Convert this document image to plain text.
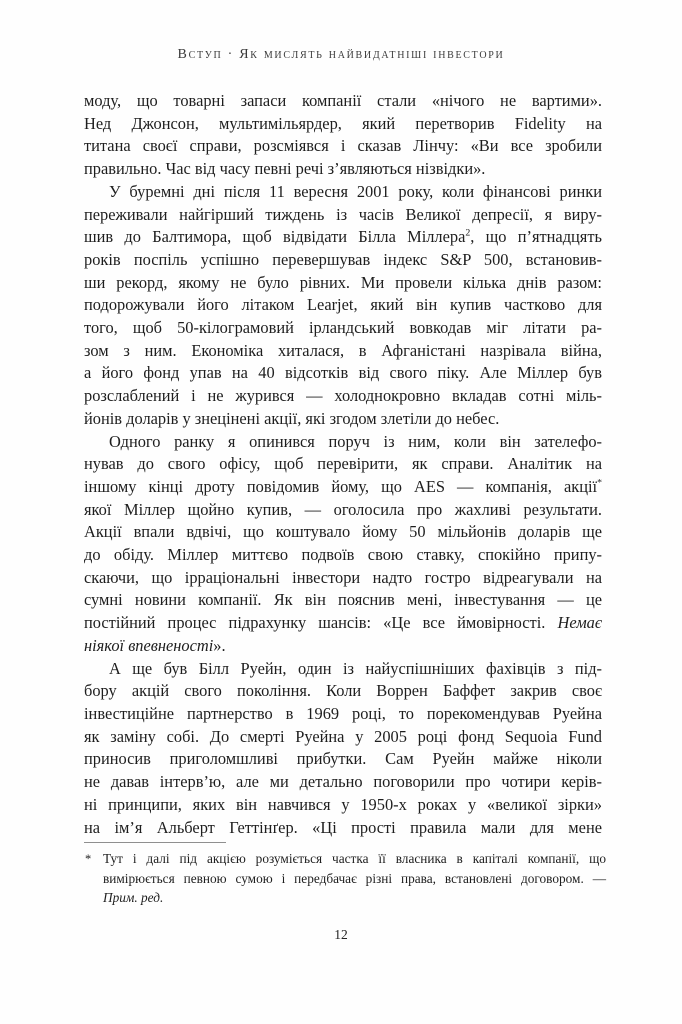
Вступ · Як мислять найвидатніші інвестори
моду, що товарні запаси компанії стали «нічого не вартими».
Нед Джонсон, мультимільярдер, який перетворив Fidelity на
титана своєї справи, розсміявся і сказав Лінчу: «Ви все зробили
правильно. Час від часу певні речі з’являються нізвідки».
У буремні дні після 11 вересня 2001 року, коли фінансові ринки
переживали найгірший тиждень із часів Великої депресії, я виру-
шив до Балтимора, щоб відвідати Білла Міллера$^2$, що п’ятнадцять
років поспіль успішно перевершував індекс S&P 500, встановив-
ши рекорд, якому не було рівних. Ми провели кілька днів разом:
подорожували його літаком Learjet, який він купив частково для
того, щоб 50-кілограмовий ірландський вовкодав міг літати ра-
зом з ним. Економіка хиталася, в Афганістані назрівала війна,
а його фонд упав на 40 відсотків від свого піку. Але Міллер був
розслаблений і не журився — холоднокровно вкладав сотні міль-
йонів доларів у знецінені акції, які згодом злетіли до небес.
Одного ранку я опинився поруч із ним, коли він зателефо-
нував до свого офісу, щоб перевірити, як справи. Аналітик на
іншому кінці дроту повідомив йому, що AES — компанія, акції*
якої Міллер щойно купив, — оголосила про жахливі результати.
Акції впали вдвічі, що коштувало йому 50 мільйонів доларів ще
до обіду. Міллер миттєво подвоїв свою ставку, спокійно припу-
скаючи, що ірраціональні інвестори надто гостро відреагували на
сумні новини компанії. Як він пояснив мені, інвестування — це
постійний процес підрахунку шансів: «Це все ймовірності. Немає
ніякої впевненості».
А ще був Білл Руейн, один із найуспішніших фахівців з під-
бору акцій свого покоління. Коли Воррен Баффет закрив своє
інвестиційне партнерство в 1969 році, то порекомендував Руейна
як заміну собі. До смерті Руейна у 2005 році фонд Sequoia Fund
приносив приголомшливі прибутки. Сам Руейн майже ніколи
не давав інтерв’ю, але ми детально поговорили про чотири керів-
ні принципи, яких він навчився у 1950-х роках у «великої зірки»
на ім’я Альберт Геттінґер. «Ці прості правила мали для мене
* Тут і далі під акцією розуміється частка її власника в капіталі компанії, що
вимірюється певною сумою і передбачає різні права, встановлені договором. —
Прим. ред.
12
